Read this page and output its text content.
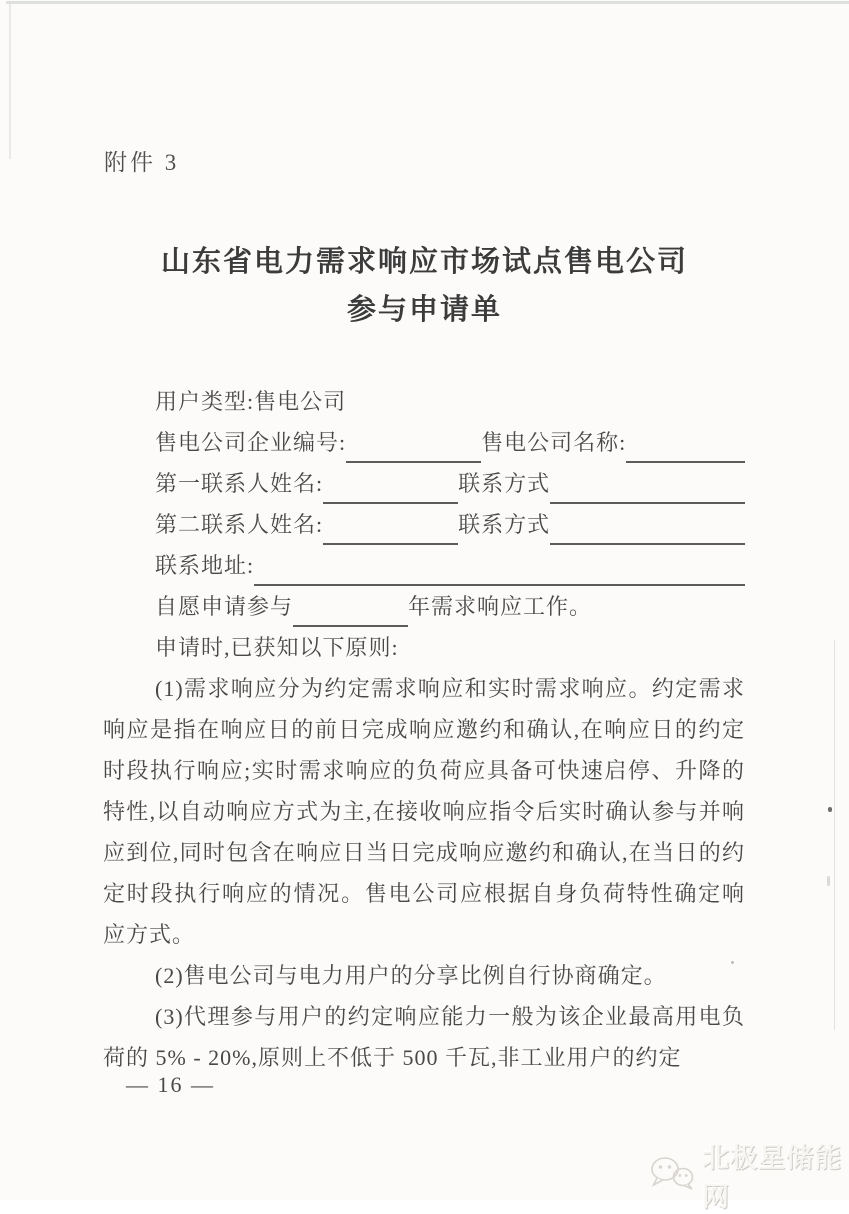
附件 3
山东省电力需求响应市场试点售电公司
参与申请单
用户类型:售电公司
售电公司企业编号:	售电公司名称:
第一联系人姓名:	联系方式
第二联系人姓名:	联系方式
联系地址:
自愿申请参与	年需求响应工作。
申请时,已获知以下原则:

(1)需求响应分为约定需求响应和实时需求响应。约定需求响应是指在响应日的前日完成响应邀约和确认,在响应日的约定时段执行响应;实时需求响应的负荷应具备可快速启停、升降的特性,以自动响应方式为主,在接收响应指令后实时确认参与并响应到位,同时包含在响应日当日完成响应邀约和确认,在当日的约定时段执行响应的情况。售电公司应根据自身负荷特性确定响应方式。

(2)售电公司与电力用户的分享比例自行协商确定。

(3)代理参与用户的约定响应能力一般为该企业最高用电负荷的 5% - 20%,原则上不低于 500 千瓦,非工业用户的约定

— 16 —
北极星储能网
